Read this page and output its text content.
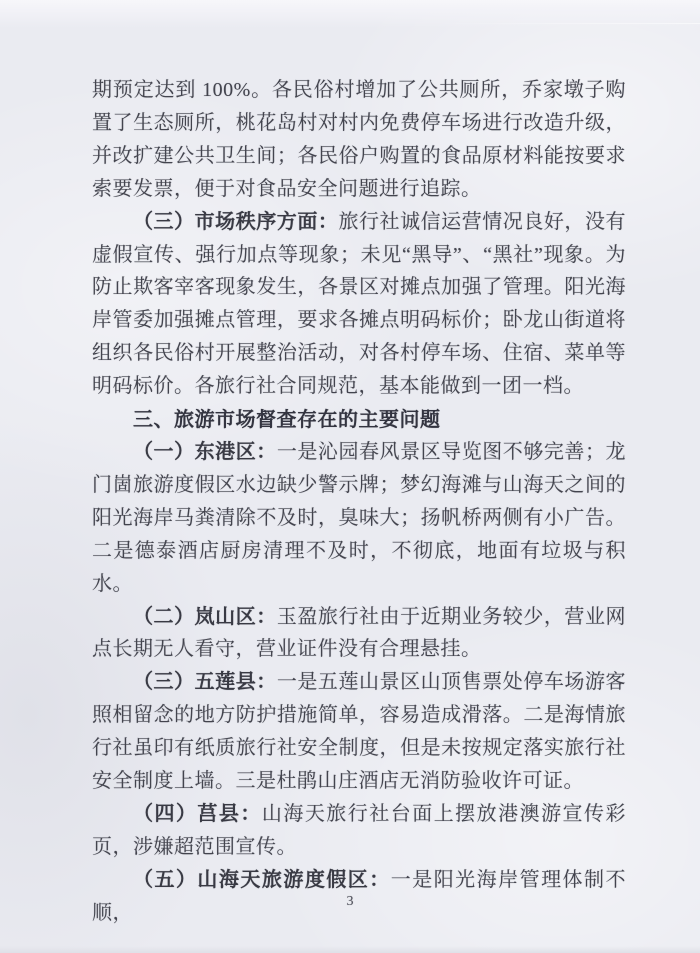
期预定达到 100%。各民俗村增加了公共厕所，乔家墩子购置了生态厕所，桃花岛村对村内免费停车场进行改造升级，并改扩建公共卫生间；各民俗户购置的食品原材料能按要求索要发票，便于对食品安全问题进行追踪。

（三）市场秩序方面：旅行社诚信运营情况良好，没有虚假宣传、强行加点等现象；未见“黑导”、“黑社”现象。为防止欺客宰客现象发生，各景区对摊点加强了管理。阳光海岸管委加强摊点管理，要求各摊点明码标价；卧龙山街道将组织各民俗村开展整治活动，对各村停车场、住宿、菜单等明码标价。各旅行社合同规范，基本能做到一团一档。

三、旅游市场督查存在的主要问题

（一）东港区：一是沁园春风景区导览图不够完善；龙门崮旅游度假区水边缺少警示牌；梦幻海滩与山海天之间的阳光海岸马粪清除不及时，臭味大；扬帆桥两侧有小广告。二是德泰酒店厨房清理不及时，不彻底，地面有垃圾与积水。

（二）岚山区：玉盈旅行社由于近期业务较少，营业网点长期无人看守，营业证件没有合理悬挂。

（三）五莲县：一是五莲山景区山顶售票处停车场游客照相留念的地方防护措施简单，容易造成滑落。二是海情旅行社虽印有纸质旅行社安全制度，但是未按规定落实旅行社安全制度上墙。三是杜鹃山庄酒店无消防验收许可证。

（四）莒县：山海天旅行社台面上摆放港澳游宣传彩页，涉嫌超范围宣传。

（五）山海天旅游度假区：一是阳光海岸管理体制不顺，

3
